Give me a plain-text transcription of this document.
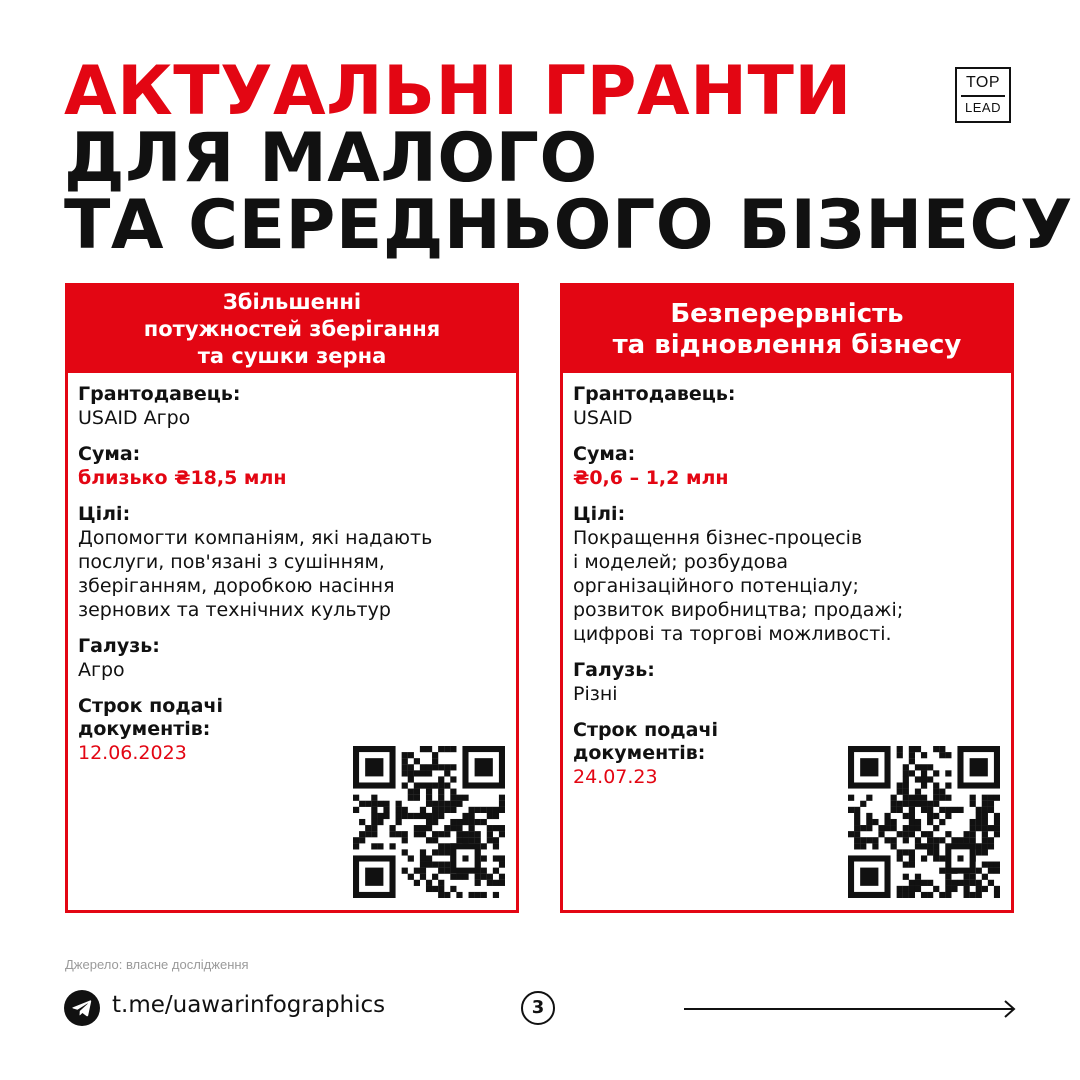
АКТУАЛЬНІ ГРАНТИ
ДЛЯ МАЛОГО
ТА СЕРЕДНЬОГО БІЗНЕСУ
TOP
LEAD
Збільшенні
потужностей зберігання
та сушки зерна
Грантодавець:
USAID Агро
Сума:
близько ₴18,5 млн
Цілі:
Допомогти компаніям, які надають
послуги, пов'язані з сушінням,
зберіганням, доробкою насіння
зернових та технічних культур
Галузь:
Агро
Строк подачі
документів:
12.06.2023
Безперервність
та відновлення бізнесу
Грантодавець:
USAID
Сума:
₴0,6 – 1,2 млн
Цілі:
Покращення бізнес-процесів
і моделей; розбудова
організаційного потенціалу;
розвиток виробництва; продажі;
цифрові та торгові можливості.
Галузь:
Різні
Строк подачі
документів:
24.07.23
Джерело: власне дослідження
t.me/uawarinfographics	3
